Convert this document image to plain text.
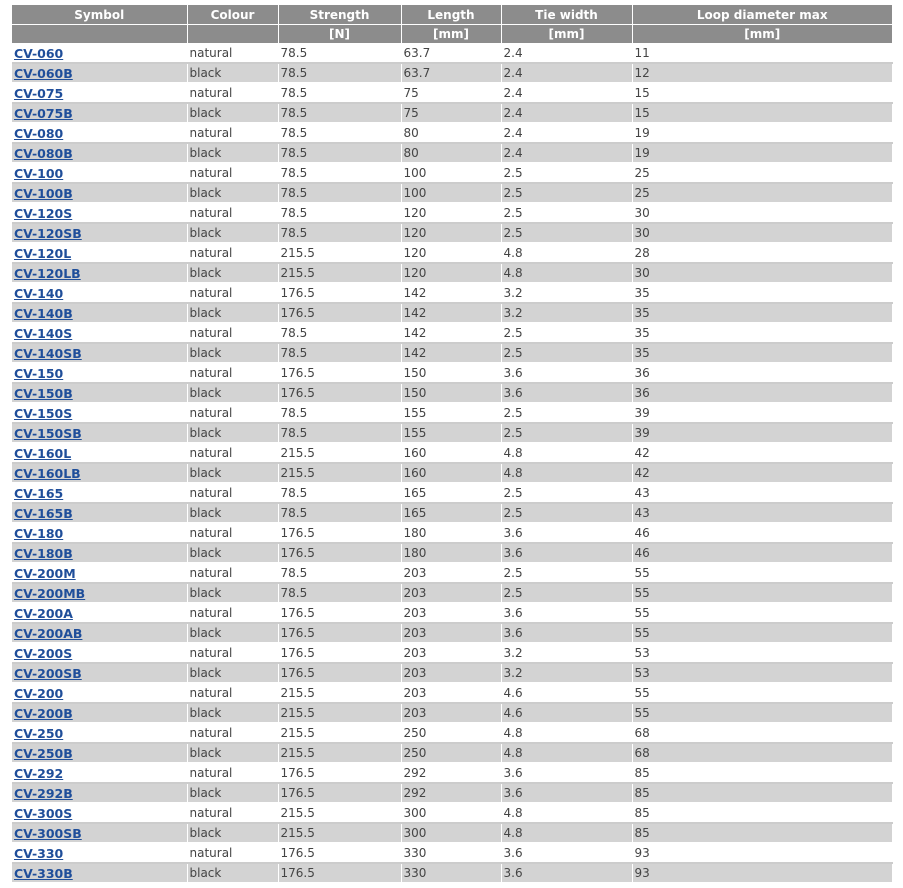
Symbol	Colour	Strength	Length	Tie width	Loop diameter max
		[N]	[mm]	[mm]	[mm]
CV-060	natural	78.5	63.7	2.4	11
CV-060B	black	78.5	63.7	2.4	12
CV-075	natural	78.5	75	2.4	15
CV-075B	black	78.5	75	2.4	15
CV-080	natural	78.5	80	2.4	19
CV-080B	black	78.5	80	2.4	19
CV-100	natural	78.5	100	2.5	25
CV-100B	black	78.5	100	2.5	25
CV-120S	natural	78.5	120	2.5	30
CV-120SB	black	78.5	120	2.5	30
CV-120L	natural	215.5	120	4.8	28
CV-120LB	black	215.5	120	4.8	30
CV-140	natural	176.5	142	3.2	35
CV-140B	black	176.5	142	3.2	35
CV-140S	natural	78.5	142	2.5	35
CV-140SB	black	78.5	142	2.5	35
CV-150	natural	176.5	150	3.6	36
CV-150B	black	176.5	150	3.6	36
CV-150S	natural	78.5	155	2.5	39
CV-150SB	black	78.5	155	2.5	39
CV-160L	natural	215.5	160	4.8	42
CV-160LB	black	215.5	160	4.8	42
CV-165	natural	78.5	165	2.5	43
CV-165B	black	78.5	165	2.5	43
CV-180	natural	176.5	180	3.6	46
CV-180B	black	176.5	180	3.6	46
CV-200M	natural	78.5	203	2.5	55
CV-200MB	black	78.5	203	2.5	55
CV-200A	natural	176.5	203	3.6	55
CV-200AB	black	176.5	203	3.6	55
CV-200S	natural	176.5	203	3.2	53
CV-200SB	black	176.5	203	3.2	53
CV-200	natural	215.5	203	4.6	55
CV-200B	black	215.5	203	4.6	55
CV-250	natural	215.5	250	4.8	68
CV-250B	black	215.5	250	4.8	68
CV-292	natural	176.5	292	3.6	85
CV-292B	black	176.5	292	3.6	85
CV-300S	natural	215.5	300	4.8	85
CV-300SB	black	215.5	300	4.8	85
CV-330	natural	176.5	330	3.6	93
CV-330B	black	176.5	330	3.6	93
